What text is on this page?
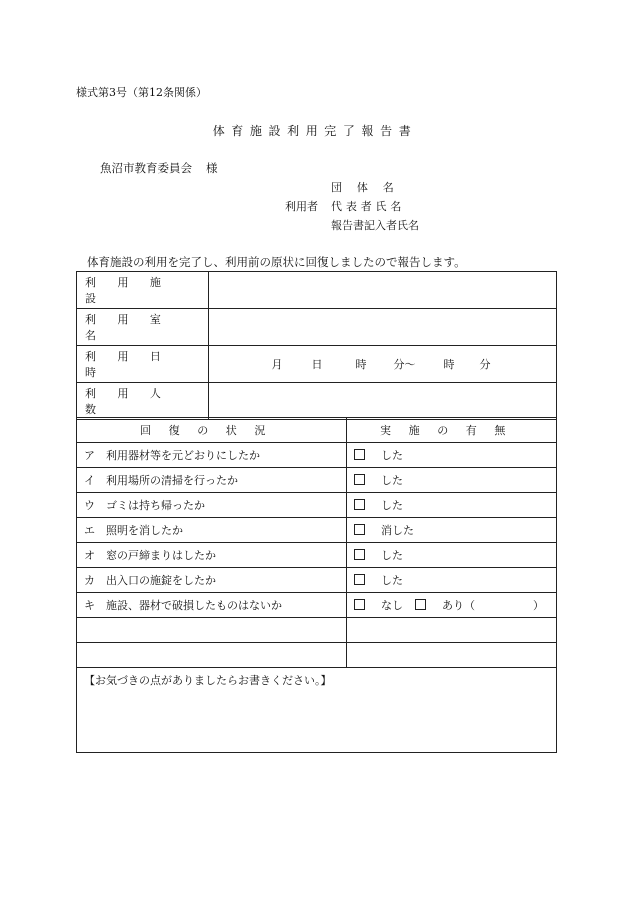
様式第3号（第12条関係）
体育施設利用完了報告書
魚沼市教育委員会 様
団体名
利用者 代表者氏名
報告書記入者氏名
体育施設の利用を完了し、利用前の原状に回復しましたので報告します。
利用施設	
利用室名	
利用日時	月 日 時 分〜 時 分
利用人数	
回復の状況	実施の有無
ア　利用器材等を元どおりにしたか	した
イ　利用場所の清掃を行ったか	した
ウ　ゴミは持ち帰ったか	した
エ　照明を消したか	消した
オ　窓の戸締まりはしたか	した
カ　出入口の施錠をしたか	した
キ　施設、器材で破損したものはないか	なし あり（ ）

【お気づきの点がありましたらお書きください。】	
